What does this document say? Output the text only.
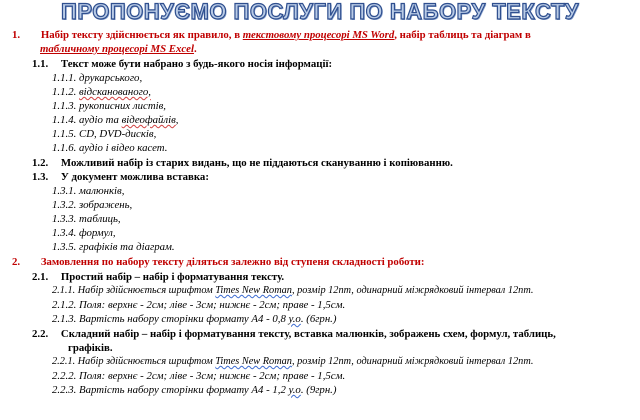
ПРОПОНУЄМО ПОСЛУГИ ПО НАБОРУ ТЕКСТУ
1. Набір тексту здійснюється як правило, в текстовому процесорі MS Word, набір таблиць та діаграм в
табличному процесорі MS Excel.
1.1. Текст може бути набрано з будь-якого носія інформації:
1.1.1. друкарського,
1.1.2. відсканованого,
1.1.3. рукописних листів,
1.1.4. аудіо та відеофайлів,
1.1.5. CD, DVD-дисків,
1.1.6. аудіо і відео касет.
1.2. Можливий набір із старих видань, що не піддаються скануванню і копіюванню.
1.3. У документ можлива вставка:
1.3.1. малюнків,
1.3.2. зображень,
1.3.3. таблиць,
1.3.4. формул,
1.3.5. графіків та діаграм.
2. Замовлення по набору тексту діляться залежно від ступеня складності роботи:
2.1. Простий набір – набір і форматування тексту.
2.1.1. Набір здійснюється шрифтом Times New Roman, розмір 12пт, одинарний міжрядковий інтервал 12пт.
2.1.2. Поля: верхнє - 2см; ліве - 3см; нижнє - 2см; праве - 1,5см.
2.1.3. Вартість набору сторінки формату А4 - 0,8 у.о. (6грн.)
2.2. Складний набір – набір і форматування тексту, вставка малюнків, зображень схем, формул, таблиць,
графіків.
2.2.1. Набір здійснюється шрифтом Times New Roman, розмір 12пт, одинарний міжрядковий інтервал 12пт.
2.2.2. Поля: верхнє - 2см; ліве - 3см; нижнє - 2см; праве - 1,5см.
2.2.3. Вартість набору сторінки формату А4 - 1,2 у.о. (9грн.)
